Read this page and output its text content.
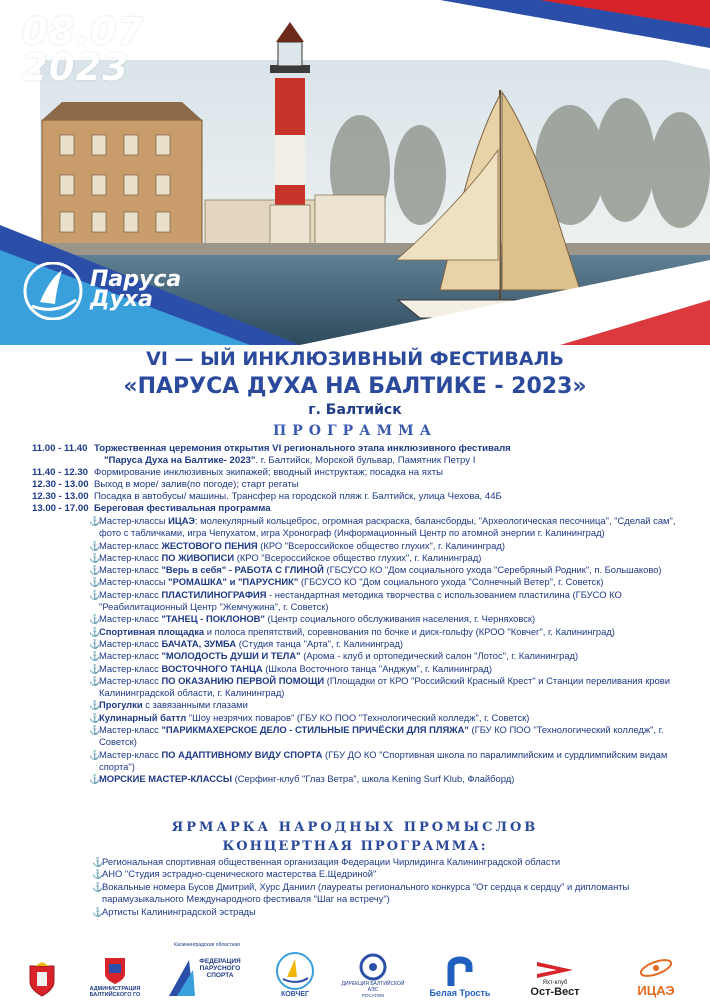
08.07
2023
Паруса
Духа
VI — ЫЙ ИНКЛЮЗИВНЫЙ ФЕСТИВАЛЬ
«ПАРУСА ДУХА НА БАЛТИКЕ - 2023»
г. Балтийск
ПРОГРАММА
11.00 - 11.40 Торжественная церемония открытия VI регионального этапа инклюзивного фестиваля
"Паруса Духа на Балтике- 2023". г. Балтийск, Морской бульвар, Памятник Петру I
11.40 - 12.30 Формирование инклюзивных экипажей; вводный инструктаж; посадка на яхты
12.30 - 13.00 Выход в море/ залив(по погоде); старт регаты
12.30 - 13.00 Посадка в автобусы/ машины. Трансфер на городской пляж г. Балтийск, улица Чехова, 44Б
13.00 - 17.00 Береговая фестивальная программа
⚓
Мастер-классы ИЦАЭ: молекулярный кольцеброс, огромная раскраска, балансборды, "Археологическая песочница", "Сделай сам", фото с табличками, игра Чепухатом, игра Хронограф (Информационный Центр по атомной энергии г. Калининград)
⚓
Мастер-класс ЖЕСТОВОГО ПЕНИЯ (КРО "Всероссийское общество глухих", г. Калининград)
⚓
Мастер-класс ПО ЖИВОПИСИ (КРО "Всероссийское общество глухих", г. Калининград)
⚓
Мастер-класс "Верь в себя" - РАБОТА С ГЛИНОЙ (ГБСУСО КО "Дом социального ухода "Серебряный Родник", п. Большаково)
⚓
Мастер-классы "РОМАШКА" и "ПАРУСНИК" (ГБСУСО КО "Дом социального ухода "Солнечный Ветер", г. Советск)
⚓
Мастер-класс ПЛАСТИЛИНОГРАФИЯ - нестандартная методика творчества с использованием пластилина (ГБУСО КО "Реабилитационный Центр "Жемчужина", г. Советск)
⚓
Мастер-класс "ТАНЕЦ - ПОКЛОНОВ" (Центр социального обслуживания населения, г. Черняховск)
⚓
Спортивная площадка и полоса препятствий, соревнования по бочке и диск-гольфу (КРОО "Ковчег", г. Калининград)
⚓
Мастер-класс БАЧАТА, ЗУМБА (Студия танца "Арта", г. Калининград)
⚓
Мастер-класс "МОЛОДОСТЬ ДУШИ И ТЕЛА" (Арома - клуб и ортопедический салон "Лотос", г. Калининград)
⚓
Мастер-класс ВОСТОЧНОГО ТАНЦА (Школа Восточного танца "Анджум", г. Калининград)
⚓
Мастер-класс ПО ОКАЗАНИЮ ПЕРВОЙ ПОМОЩИ (Площадки от КРО "Российский Красный Крест" и Станции переливания крови Калининградской области, г. Калининград)
⚓
Прогулки с завязанными глазами
⚓
Кулинарный баттл "Шоу незрячих поваров" (ГБУ КО ПОО "Технологический колледж", г. Советск)
⚓
Мастер-класс "ПАРИКМАХЕРСКОЕ ДЕЛО - СТИЛЬНЫЕ ПРИЧЁСКИ ДЛЯ ПЛЯЖА" (ГБУ КО ПОО "Технологический колледж", г. Советск)
⚓
Мастер-класс ПО АДАПТИВНОМУ ВИДУ СПОРТА (ГБУ ДО КО "Спортивная школа по паралимпийским и сурдлимпийским видам спорта")
⚓
МОРСКИЕ МАСТЕР-КЛАССЫ (Серфинг-клуб "Глаз Ветра", школа Kening Surf Klub, Флайборд)
ЯРМАРКА НАРОДНЫХ ПРОМЫСЛОВ
КОНЦЕРТНАЯ ПРОГРАММА:
⚓
Региональная спортивная общественная организация Федерации Чирлидинга Калининградской области
⚓
АНО "Студия эстрадно-сценического мастерства Е.Щедриной"
⚓
Вокальные номера Бусов Дмитрий, Хурс Даниил (лауреаты регионального конкурса "От сердца к сердцу" и дипломанты парамузыкального Международного фестиваля "Шаг на встречу")
⚓
Артисты Калининградской эстрады
АДМИНИСТРАЦИЯ БАЛТИЙСКОГО ГО
Калининградская областная
ФЕДЕРАЦИЯ ПАРУСНОГО СПОРТА
КОВЧЕГ
ДИРЕКЦИЯ БАЛТИЙСКОЙ АЭС
РОСАТОМ	Белая Трость
Яхт-клуб
Ост-Вест	ИЦАЭ
